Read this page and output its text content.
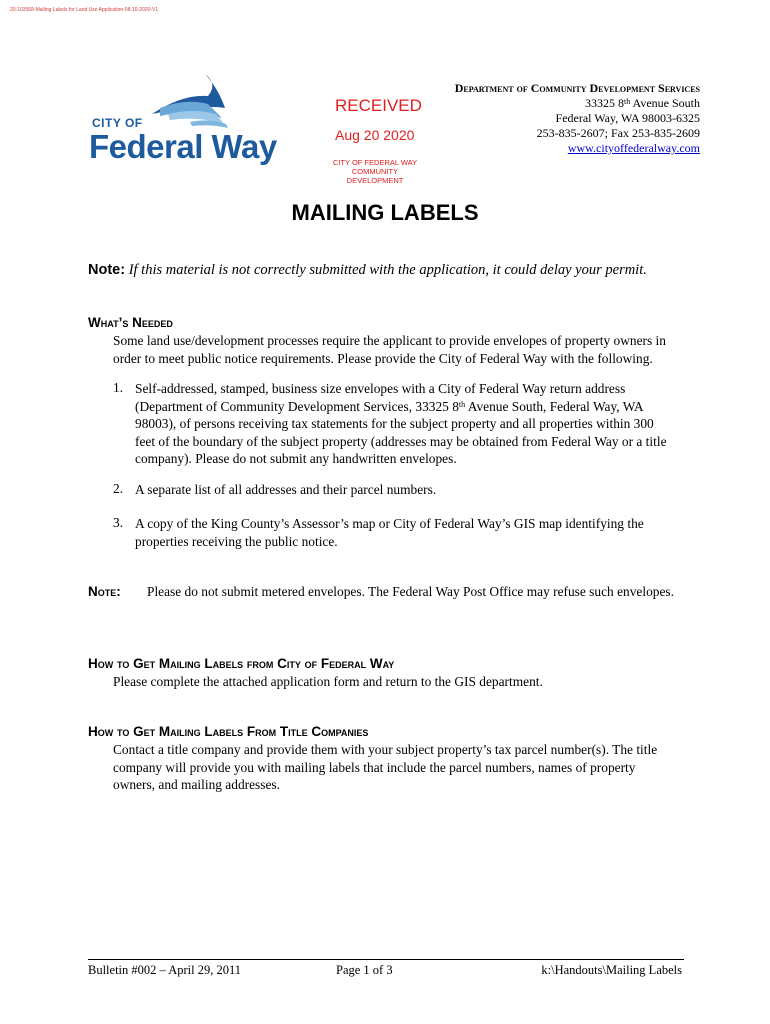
20-103568-Mailing Labels for Land Use Application-08-10-2020-V1
CITY OF
Federal Way
RECEIVED
Aug 20 2020
CITY OF FEDERAL WAY
COMMUNITY DEVELOPMENT
Department of Community Development Services
33325 8th Avenue South
Federal Way, WA 98003-6325
253-835-2607; Fax 253-835-2609
www.cityoffederalway.com
MAILING LABELS
Note: If this material is not correctly submitted with the application, it could delay your permit.
What’s Needed
Some land use/development processes require the applicant to provide envelopes of property owners in
order to meet public notice requirements. Please provide the City of Federal Way with the following.
1. Self-addressed, stamped, business size envelopes with a City of Federal Way return address
(Department of Community Development Services, 33325 8th Avenue South, Federal Way, WA
98003), of persons receiving tax statements for the subject property and all properties within 300
feet of the boundary of the subject property (addresses may be obtained from Federal Way or a title
company). Please do not submit any handwritten envelopes.
2. A separate list of all addresses and their parcel numbers.
3. A copy of the King County’s Assessor’s map or City of Federal Way’s GIS map identifying the
properties receiving the public notice.
Note: Please do not submit metered envelopes. The Federal Way Post Office may refuse such envelopes.
How to Get Mailing Labels from City of Federal Way
Please complete the attached application form and return to the GIS department.
How to Get Mailing Labels From Title Companies
Contact a title company and provide them with your subject property’s tax parcel number(s). The title
company will provide you with mailing labels that include the parcel numbers, names of property
owners, and mailing addresses.
Bulletin #002 – April 29, 2011	Page 1 of 3	k:\Handouts\Mailing Labels
